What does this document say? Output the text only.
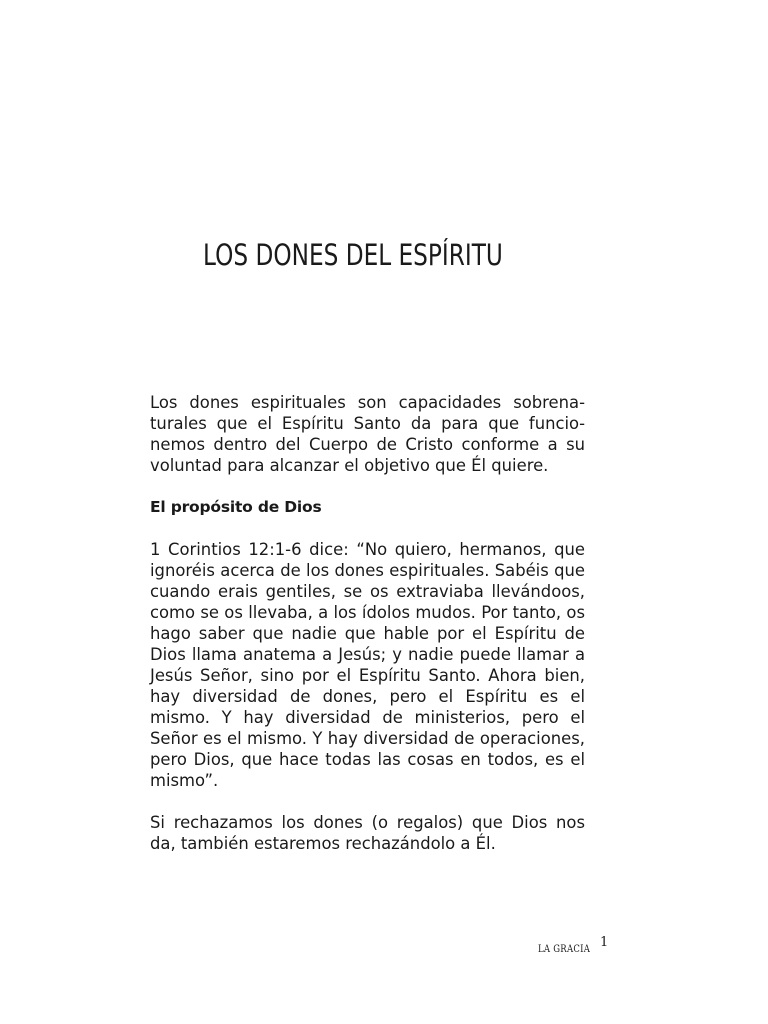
LOS DONES DEL ESPÍRITU

Los dones espirituales son capacidades sobrenaturales que el Espíritu Santo da para que funcionemos dentro del Cuerpo de Cristo conforme a su voluntad para alcanzar el objetivo que Él quiere.

El propósito de Dios

1 Corintios 12:1-6 dice: “No quiero, hermanos, que ignoréis acerca de los dones espirituales. Sabéis que cuando erais gentiles, se os extraviaba llevándoos, como se os llevaba, a los ídolos mudos. Por tanto, os hago saber que nadie que hable por el Espíritu de Dios llama anatema a Jesús; y nadie puede llamar a Jesús Señor, sino por el Espíritu Santo. Ahora bien, hay diversidad de dones, pero el Espíritu es el mismo. Y hay diversidad de ministerios, pero el Señor es el mismo. Y hay diversidad de operaciones, pero Dios, que hace todas las cosas en todos, es el mismo”.

Si rechazamos los dones (o regalos) que Dios nos da, también estaremos rechazándolo a Él.

LA GRACIA 1
